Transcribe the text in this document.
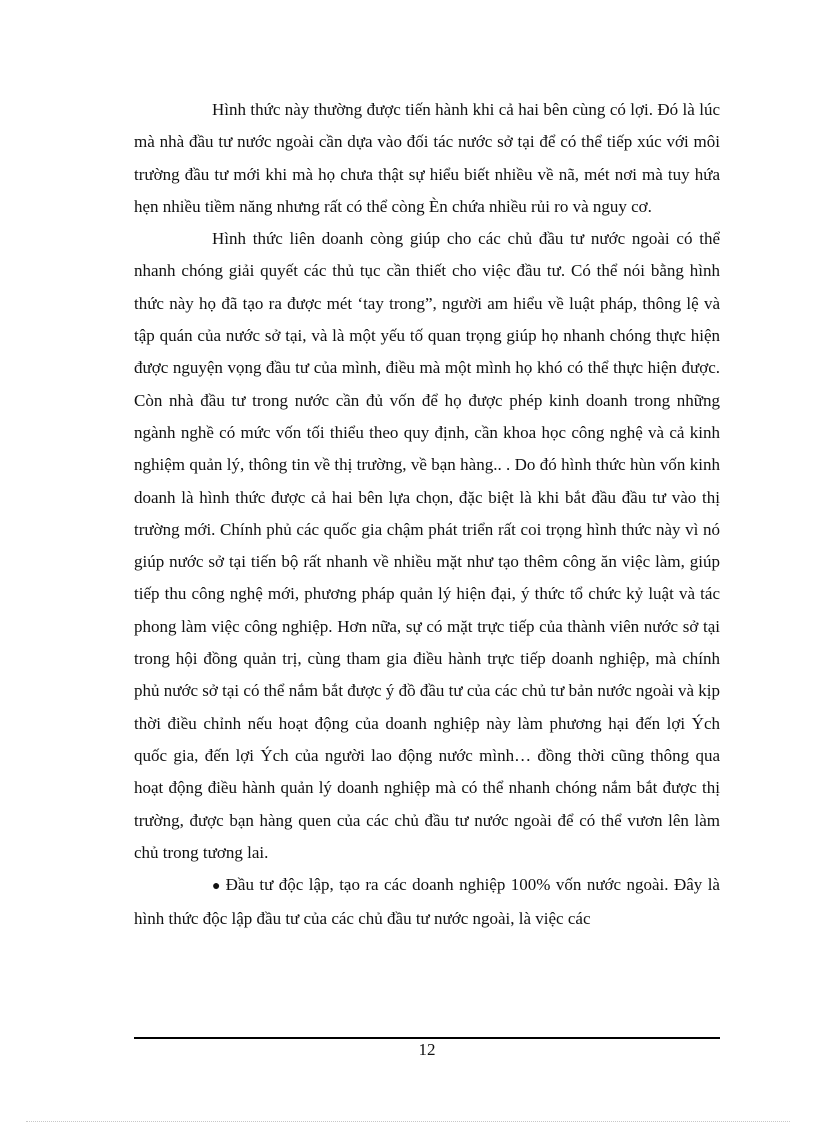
Hình thức này thường được tiến hành khi cả hai bên cùng có lợi. Đó là lúc mà nhà đầu tư nước ngoài cần dựa vào đối tác nước sở tại để có thể tiếp xúc với môi trường đầu tư mới khi mà họ chưa thật sự hiểu biết nhiều về nã, mét nơi mà tuy hứa hẹn nhiều tiềm năng nhưng rất có thể còng Èn chứa nhiều rủi ro và nguy cơ.

Hình thức liên doanh còng giúp cho các chủ đầu tư nước ngoài có thể nhanh chóng giải quyết các thủ tục cần thiết cho việc đầu tư. Có thể nói bằng hình thức này họ đã tạo ra được mét ‘tay trong”, người am hiểu về luật pháp, thông lệ và tập quán của nước sở tại, và là một yếu tố quan trọng giúp họ nhanh chóng thực hiện được nguyện vọng đầu tư của mình, điều mà một mình họ khó có thể thực hiện được. Còn nhà đầu tư trong nước cần đủ vốn để họ được phép kinh doanh trong những ngành nghề có mức vốn tối thiểu theo quy định, cần khoa học công nghệ và cả kinh nghiệm quản lý, thông tin về thị trường, về bạn hàng.. . Do đó hình thức hùn vốn kinh doanh là hình thức được cả hai bên lựa chọn, đặc biệt là khi bắt đầu đầu tư vào thị trường mới. Chính phủ các quốc gia chậm phát triển rất coi trọng hình thức này vì nó giúp nước sở tại tiến bộ rất nhanh về nhiều mặt như tạo thêm công ăn việc làm, giúp tiếp thu công nghệ mới, phương pháp quản lý hiện đại, ý thức tổ chức kỷ luật và tác phong làm việc công nghiệp. Hơn nữa, sự có mặt trực tiếp của thành viên nước sở tại trong hội đồng quản trị, cùng tham gia điều hành trực tiếp doanh nghiệp, mà chính phủ nước sở tại có thể nắm bắt được ý đồ đầu tư của các chủ tư bản nước ngoài và kịp thời điều chỉnh nếu hoạt động của doanh nghiệp này làm phương hại đến lợi Ých quốc gia, đến lợi Ých của người lao động nước mình… đồng thời cũng thông qua hoạt động điều hành quản lý doanh nghiệp mà có thể nhanh chóng nắm bắt được thị trường, được bạn hàng quen của các chủ đầu tư nước ngoài để có thể vươn lên làm chủ trong tương lai.

● Đầu tư độc lập, tạo ra các doanh nghiệp 100% vốn nước ngoài. Đây là hình thức độc lập đầu tư của các chủ đầu tư nước ngoài, là việc các

12
